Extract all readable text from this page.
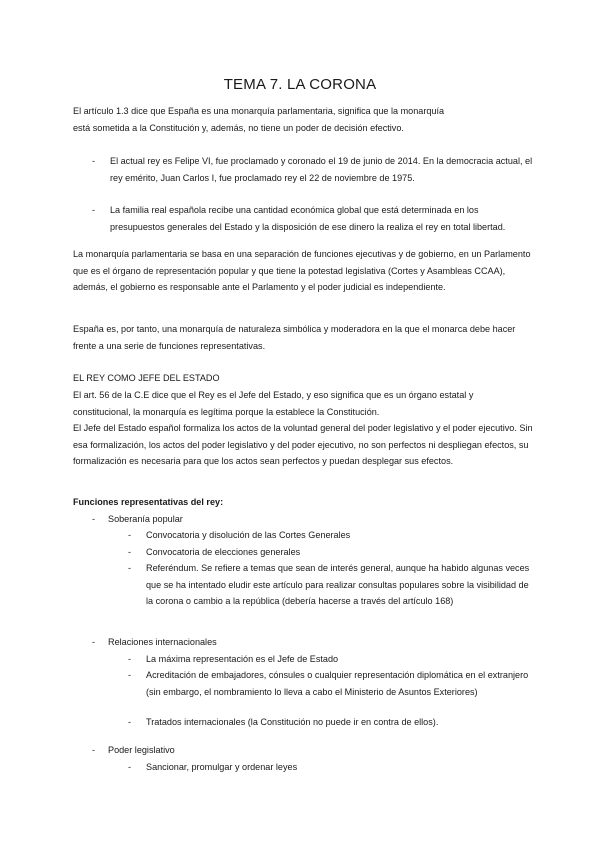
TEMA 7. LA CORONA

El artículo 1.3 dice que España es una monarquía parlamentaria, significa que la monarquía está sometida a la Constitución y, además, no tiene un poder de decisión efectivo.

- El actual rey es Felipe VI, fue proclamado y coronado el 19 de junio de 2014. En la democracia actual, el rey emérito, Juan Carlos I, fue proclamado rey el 22 de noviembre de 1975.

- La familia real española recibe una cantidad económica global que está determinada en los presupuestos generales del Estado y la disposición de ese dinero la realiza el rey en total libertad.

La monarquía parlamentaria se basa en una separación de funciones ejecutivas y de gobierno, en un Parlamento que es el órgano de representación popular y que tiene la potestad legislativa (Cortes y Asambleas CCAA), además, el gobierno es responsable ante el Parlamento y el poder judicial es independiente.

España es, por tanto, una monarquía de naturaleza simbólica y moderadora en la que el monarca debe hacer frente a una serie de funciones representativas.

EL REY COMO JEFE DEL ESTADO

El art. 56 de la C.E dice que el Rey es el Jefe del Estado, y eso significa que es un órgano estatal y constitucional, la monarquía es legítima porque la establece la Constitución.

El Jefe del Estado español formaliza los actos de la voluntad general del poder legislativo y el poder ejecutivo. Sin esa formalización, los actos del poder legislativo y del poder ejecutivo, no son perfectos ni despliegan efectos, su formalización es necesaria para que los actos sean perfectos y puedan desplegar sus efectos.

Funciones representativas del rey:

- Soberanía popular

- Convocatoria y disolución de las Cortes Generales

- Convocatoria de elecciones generales

- Referéndum. Se refiere a temas que sean de interés general, aunque ha habido algunas veces que se ha intentado eludir este artículo para realizar consultas populares sobre la visibilidad de la corona o cambio a la república (debería hacerse a través del artículo 168)

- Relaciones internacionales

- La máxima representación es el Jefe de Estado

- Acreditación de embajadores, cónsules o cualquier representación diplomática en el extranjero (sin embargo, el nombramiento lo lleva a cabo el Ministerio de Asuntos Exteriores)

- Tratados internacionales (la Constitución no puede ir en contra de ellos).

- Poder legislativo

- Sancionar, promulgar y ordenar leyes
